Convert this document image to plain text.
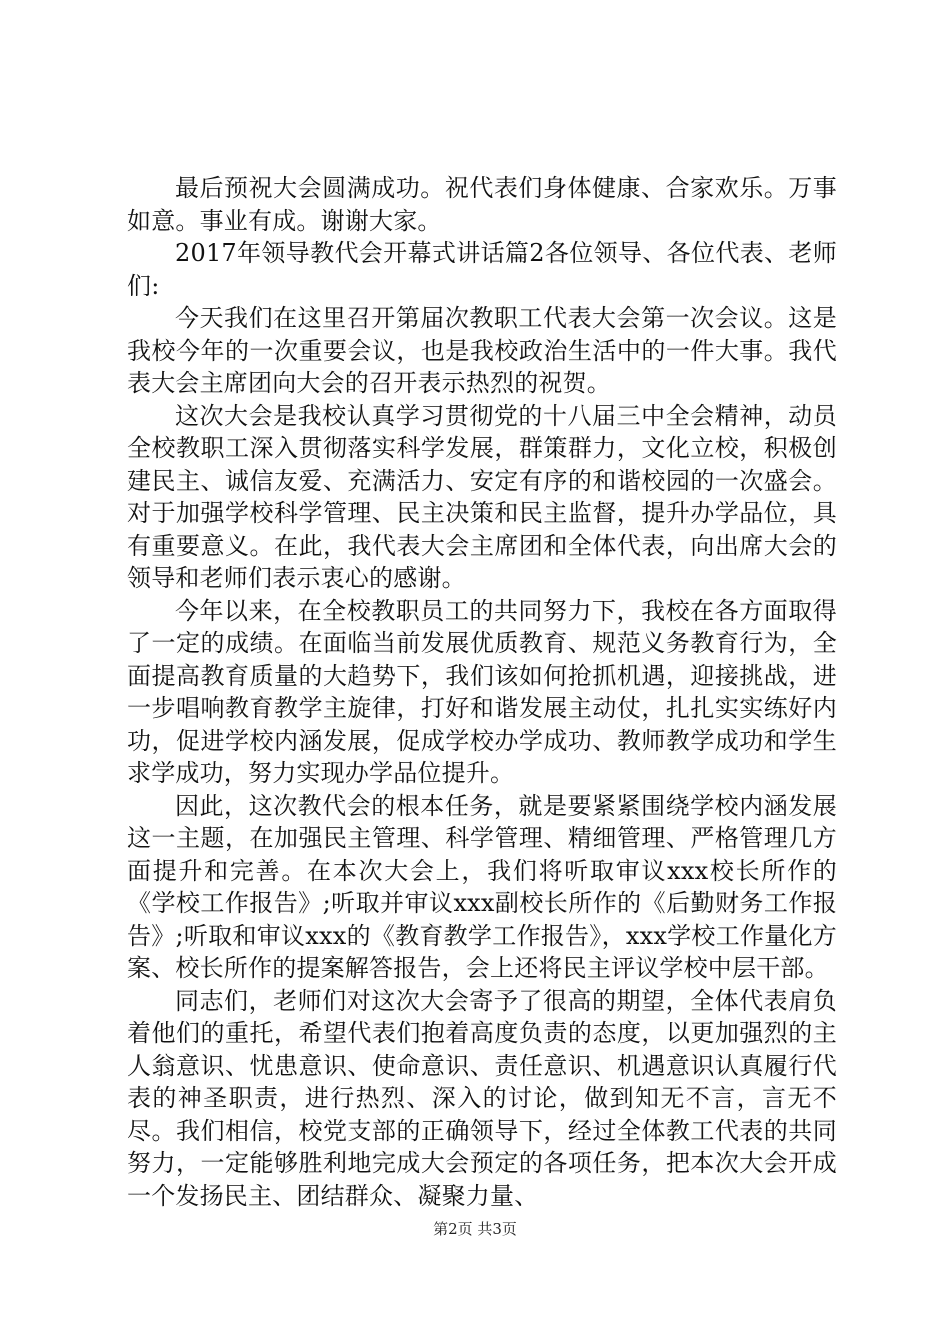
最后预祝大会圆满成功。祝代表们身体健康、合家欢乐。万事如意。事业有成。谢谢大家。

2017年领导教代会开幕式讲话篇2各位领导、各位代表、老师们:

今天我们在这里召开第届次教职工代表大会第一次会议。这是我校今年的一次重要会议，也是我校政治生活中的一件大事。我代表大会主席团向大会的召开表示热烈的祝贺。

这次大会是我校认真学习贯彻党的十八届三中全会精神，动员全校教职工深入贯彻落实科学发展，群策群力，文化立校，积极创建民主、诚信友爱、充满活力、安定有序的和谐校园的一次盛会。对于加强学校科学管理、民主决策和民主监督，提升办学品位，具有重要意义。在此，我代表大会主席团和全体代表，向出席大会的领导和老师们表示衷心的感谢。

今年以来，在全校教职员工的共同努力下，我校在各方面取得了一定的成绩。在面临当前发展优质教育、规范义务教育行为，全面提高教育质量的大趋势下，我们该如何抢抓机遇，迎接挑战，进一步唱响教育教学主旋律，打好和谐发展主动仗，扎扎实实练好内功，促进学校内涵发展，促成学校办学成功、教师教学成功和学生求学成功，努力实现办学品位提升。

因此，这次教代会的根本任务，就是要紧紧围绕学校内涵发展这一主题，在加强民主管理、科学管理、精细管理、严格管理几方面提升和完善。在本次大会上，我们将听取审议xxx校长所作的《学校工作报告》;听取并审议xxx副校长所作的《后勤财务工作报告》;听取和审议xxx的《教育教学工作报告》，xxx学校工作量化方案、校长所作的提案解答报告，会上还将民主评议学校中层干部。

同志们，老师们对这次大会寄予了很高的期望，全体代表肩负着他们的重托，希望代表们抱着高度负责的态度，以更加强烈的主人翁意识、忧患意识、使命意识、责任意识、机遇意识认真履行代表的神圣职责，进行热烈、深入的讨论，做到知无不言，言无不尽。我们相信，校党支部的正确领导下，经过全体教工代表的共同努力，一定能够胜利地完成大会预定的各项任务，把本次大会开成一个发扬民主、团结群众、凝聚力量、

第2页 共3页
